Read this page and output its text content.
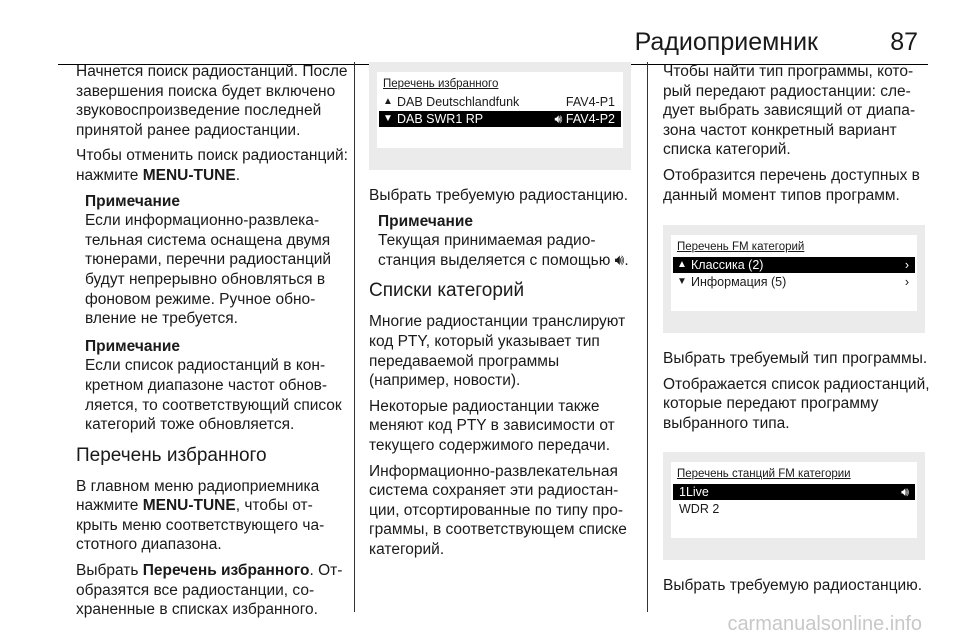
Радиоприемник	87

Начнется поиск радиостанций. После завершения поиска будет включено звуковоспроизведение последней принятой ранее радиостанции.

Чтобы отменить поиск радиостанций: нажмите MENU-TUNE.

Примечание
Если информационно-развлекательная система оснащена двумя тюнерами, перечни радиостанций будут непрерывно обновляться в фоновом режиме. Ручное обновление не требуется.
Примечание
Если список радиостанций в конкретном диапазоне частот обновляется, то соответствующий список категорий тоже обновляется.
Перечень избранного

В главном меню радиоприемника нажмите MENU-TUNE, чтобы открыть меню соответствующего частотного диапазона.

Выбрать Перечень избранного. Отобразятся все радиостанции, сохраненные в списках избранного.

Перечень избранного
▲ DAB Deutschlandfunk	FAV4-P1
▼ DAB SWR1 RP	🔊︎ FAV4-P2

Выбрать требуемую радиостанцию.

Примечание
Текущая принимаемая радиостанция выделяется с помощью 🔊︎.
Списки категорий

Многие радиостанции транслируют код PTY, который указывает тип передаваемой программы (например, новости).

Некоторые радиостанции также меняют код PTY в зависимости от текущего содержимого передачи.

Информационно-развлекательная система сохраняет эти радиостанции, отсортированные по типу программы, в соответствующем списке категорий.

Чтобы найти тип программы, который передают радиостанции: следует выбрать зависящий от диапазона частот конкретный вариант списка категорий.

Отобразится перечень доступных в данный момент типов программ.

Перечень FM категорий
▲ Классика (2)	›
▼ Информация (5)	›

Выбрать требуемый тип программы.

Отображается список радиостанций, которые передают программу выбранного типа.

Перечень станций FM категории
1Live	🔊︎
WDR 2

Выбрать требуемую радиостанцию.

carmanualsonline.info
